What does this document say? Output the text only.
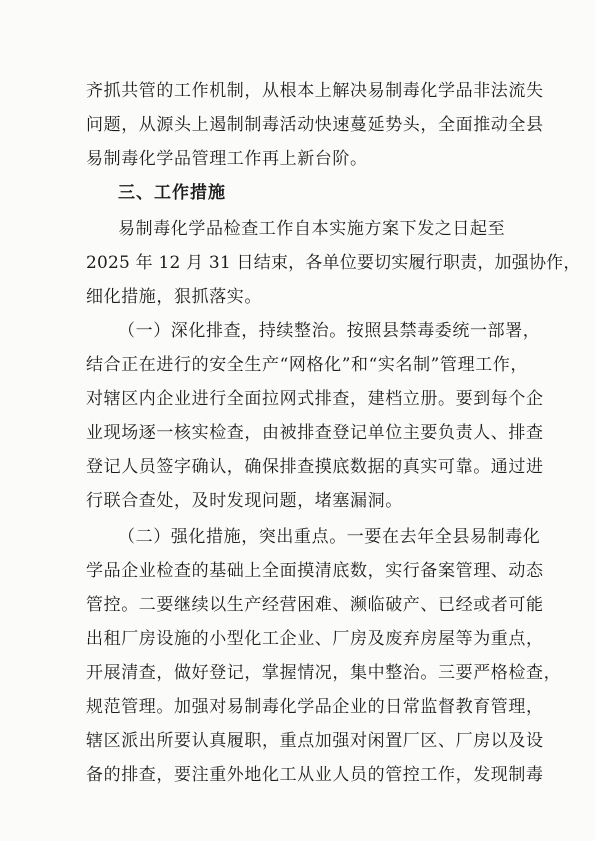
齐抓共管的工作机制，从根本上解决易制毒化学品非法流失
问题，从源头上遏制制毒活动快速蔓延势头，全面推动全县
易制毒化学品管理工作再上新台阶。
三、工作措施
易制毒化学品检查工作自本实施方案下发之日起至
2025 年 12 月 31 日结束，各单位要切实履行职责，加强协作，
细化措施，狠抓落实。
（一）深化排查，持续整治。按照县禁毒委统一部署，
结合正在进行的安全生产“网格化”和“实名制”管理工作，
对辖区内企业进行全面拉网式排查，建档立册。要到每个企
业现场逐一核实检查，由被排查登记单位主要负责人、排查
登记人员签字确认，确保排查摸底数据的真实可靠。通过进
行联合查处，及时发现问题，堵塞漏洞。
（二）强化措施，突出重点。一要在去年全县易制毒化
学品企业检查的基础上全面摸清底数，实行备案管理、动态
管控。二要继续以生产经营困难、濒临破产、已经或者可能
出租厂房设施的小型化工企业、厂房及废弃房屋等为重点，
开展清查，做好登记，掌握情况，集中整治。三要严格检查，
规范管理。加强对易制毒化学品企业的日常监督教育管理，
辖区派出所要认真履职，重点加强对闲置厂区、厂房以及设
备的排查，要注重外地化工从业人员的管控工作，发现制毒
